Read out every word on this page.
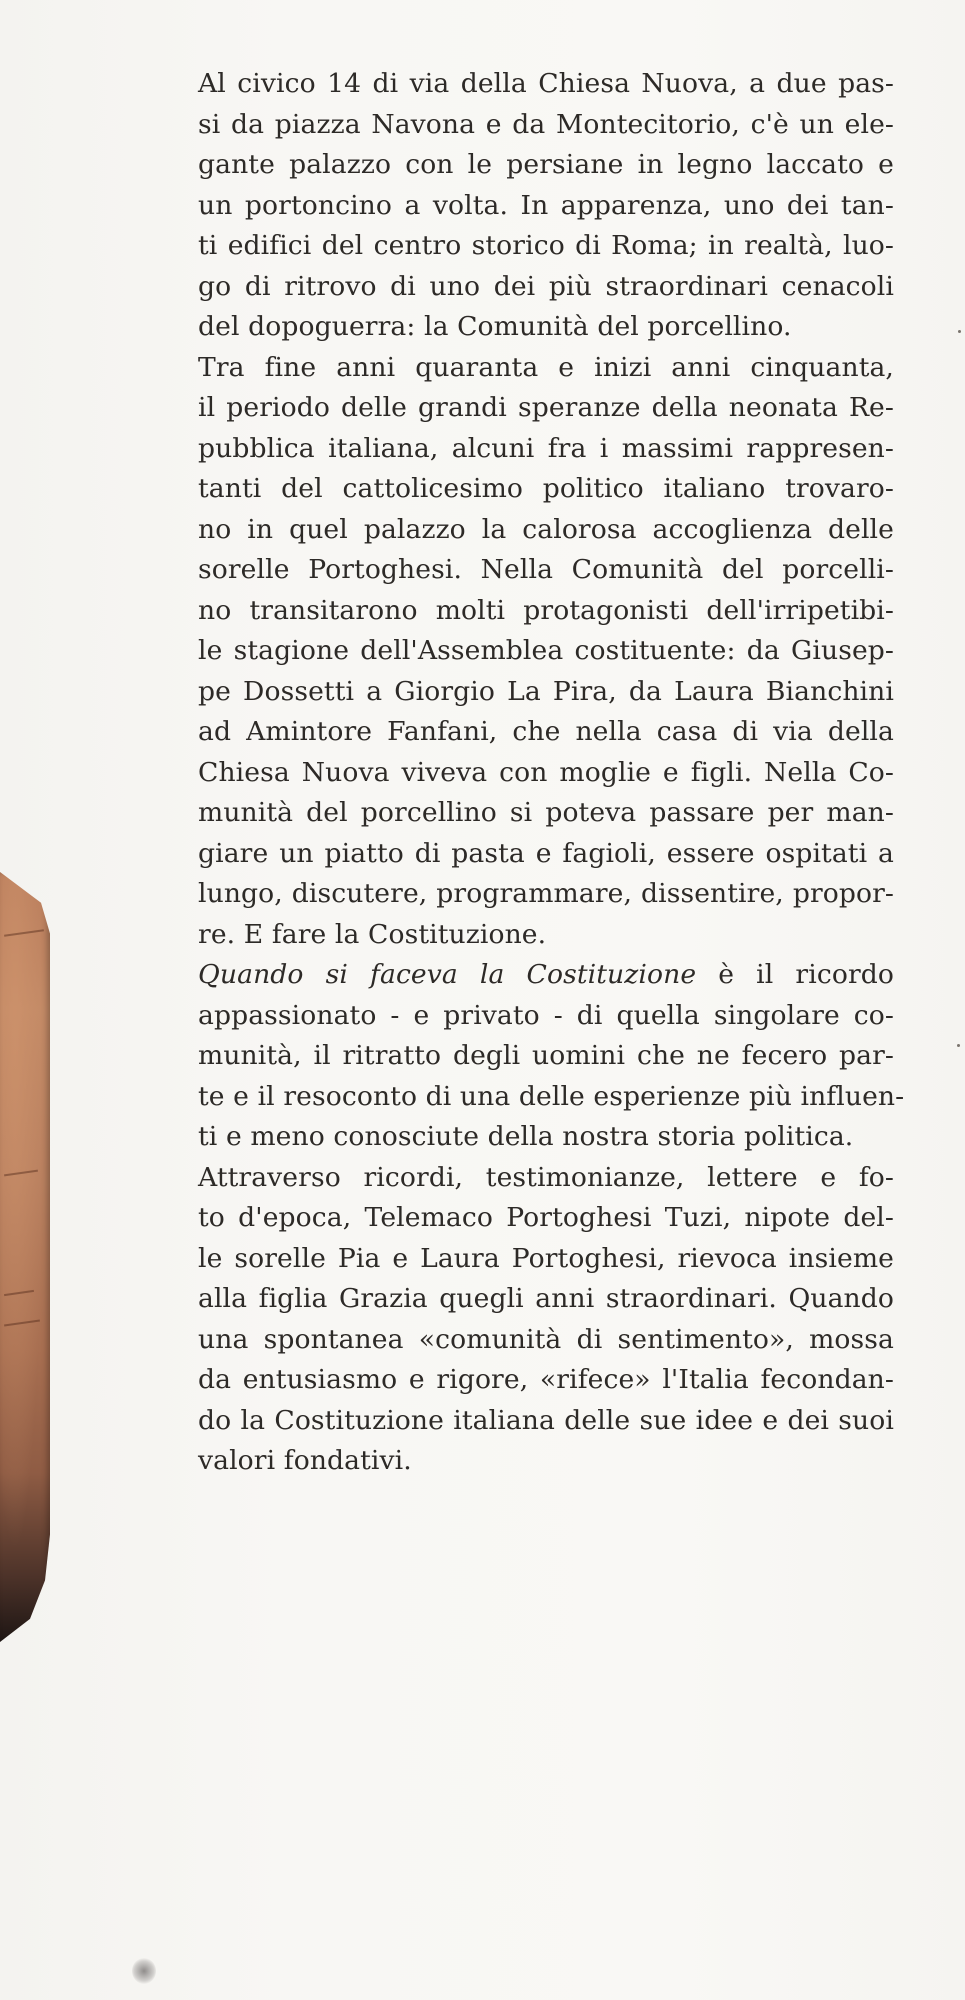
Al civico 14 di via della Chiesa Nuova, a due pas-
si da piazza Navona e da Montecitorio, c'è un ele-
gante palazzo con le persiane in legno laccato e
un portoncino a volta. In apparenza, uno dei tan-
ti edifici del centro storico di Roma; in realtà, luo-
go di ritrovo di uno dei più straordinari cenacoli
del dopoguerra: la Comunità del porcellino.

Tra fine anni quaranta e inizi anni cinquanta,
il periodo delle grandi speranze della neonata Re-
pubblica italiana, alcuni fra i massimi rappresen-
tanti del cattolicesimo politico italiano trovaro-
no in quel palazzo la calorosa accoglienza delle
sorelle Portoghesi. Nella Comunità del porcelli-
no transitarono molti protagonisti dell'irripetibi-
le stagione dell'Assemblea costituente: da Giusep-
pe Dossetti a Giorgio La Pira, da Laura Bianchini
ad Amintore Fanfani, che nella casa di via della
Chiesa Nuova viveva con moglie e figli. Nella Co-
munità del porcellino si poteva passare per man-
giare un piatto di pasta e fagioli, essere ospitati a
lungo, discutere, programmare, dissentire, propor-
re. E fare la Costituzione.

Quando si faceva la Costituzione è il ricordo
appassionato - e privato - di quella singolare co-
munità, il ritratto degli uomini che ne fecero par-
te e il resoconto di una delle esperienze più influen-
ti e meno conosciute della nostra storia politica.

Attraverso ricordi, testimonianze, lettere e fo-
to d'epoca, Telemaco Portoghesi Tuzi, nipote del-
le sorelle Pia e Laura Portoghesi, rievoca insieme
alla figlia Grazia quegli anni straordinari. Quando
una spontanea «comunità di sentimento», mossa
da entusiasmo e rigore, «rifece» l'Italia fecondan-
do la Costituzione italiana delle sue idee e dei suoi
valori fondativi.
